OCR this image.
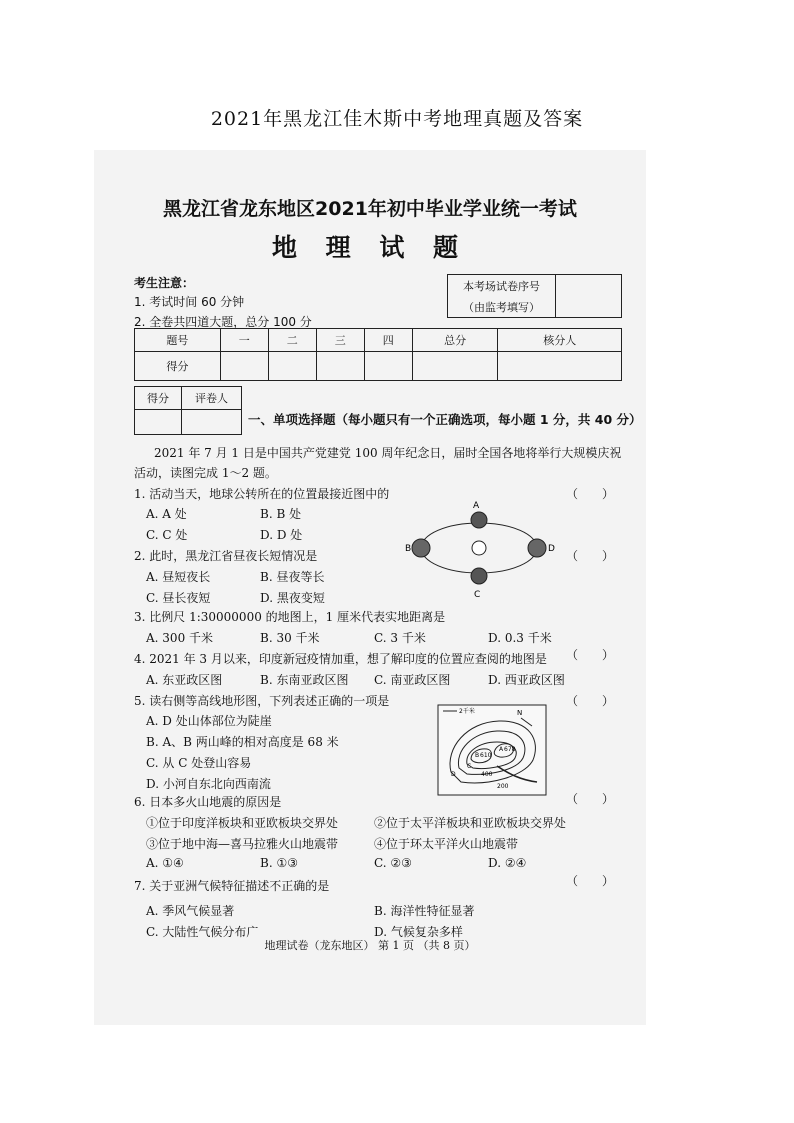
2021年黑龙江佳木斯中考地理真题及答案
黑龙江省龙东地区2021年初中毕业学业统一考试
地 理 试 题
考生注意：
1. 考试时间 60 分钟
2. 全卷共四道大题，总分 100 分
本考场试卷序号	
（由监考填写）
题号	一	二	三	四	总分	核分人
得分						
得分	评卷人

一、单项选择题（每小题只有一个正确选项，每小题 1 分，共 40 分）
2021 年 7 月 1 日是中国共产党建党 100 周年纪念日，届时全国各地将举行大规模庆祝
活动，读图完成 1～2 题。
1. 活动当天，地球公转所在的位置最接近图中的	（　　）
A. A 处	B. B 处
C. C 处	D. D 处
2. 此时，黑龙江省昼夜长短情况是	（　　）
A. 昼短夜长	B. 昼夜等长
C. 昼长夜短	D. 黑夜变短
A
B
C
D
3. 比例尺 1:30000000 的地图上，1 厘米代表实地距离是
A. 300 千米	B. 30 千米	C. 3 千米	D. 0.3 千米
4. 2021 年 3 月以来，印度新冠疫情加重，想了解印度的位置应查阅的地图是 （　　）
A. 东亚政区图	B. 东南亚政区图 C. 南亚政区图	D. 西亚政区图
5. 读右侧等高线地形图，下列表述正确的一项是	（　　）
A. D 处山体部位为陡崖
B. A、B 两山峰的相对高度是 68 米
C. 从 C 处登山容易
D. 小河自东北向西南流
2千米	N
B 610
A 678
C
D	400
200
6. 日本多火山地震的原因是	（　　）
①位于印度洋板块和亚欧板块交界处	②位于太平洋板块和亚欧板块交界处
③位于地中海—喜马拉雅火山地震带	④位于环太平洋火山地震带
A. ①④	B. ①③	C. ②③	D. ②④
7. 关于亚洲气候特征描述不正确的是	（　　）
A. 季风气候显著	B. 海洋性特征显著
C. 大陆性气候分布广	D. 气候复杂多样
地理试卷（龙东地区） 第 1 页 （共 8 页）
